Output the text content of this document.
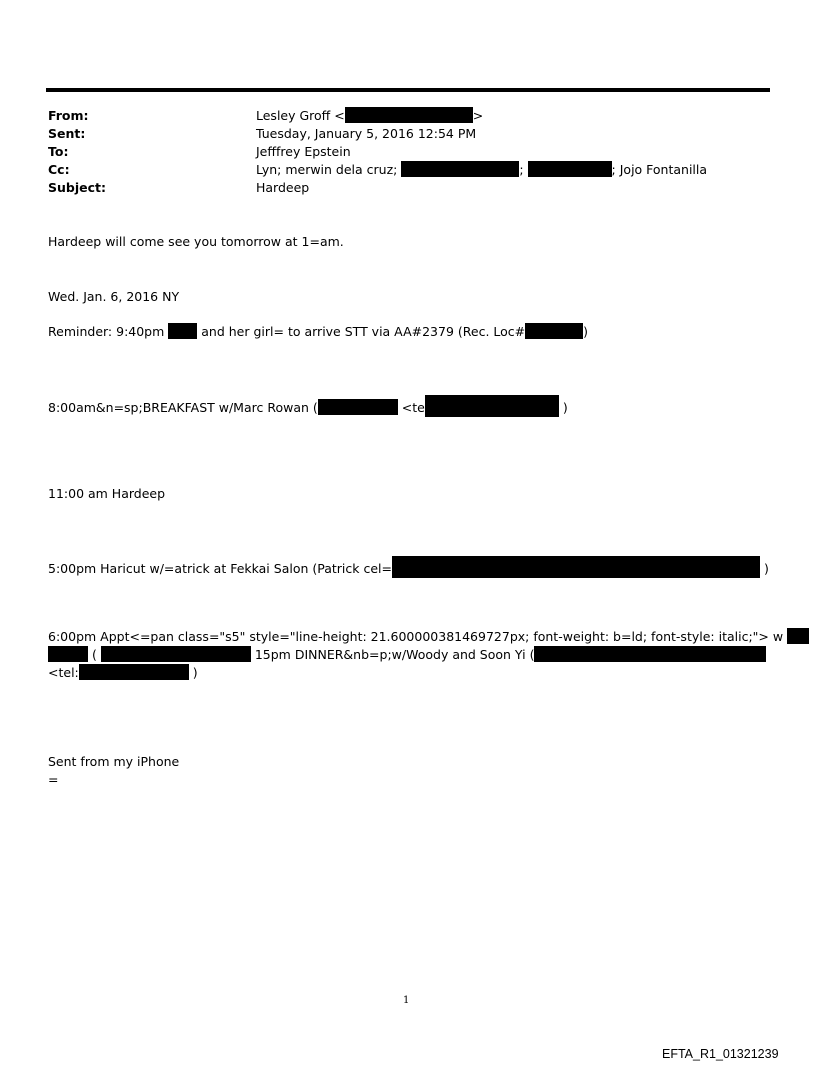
From:	Lesley Groff <	>
Sent:	Tuesday, January 5, 2016 12:54 PM
To:	Jefffrey Epstein
Cc:	Lyn; merwin dela cruz;	;	; Jojo Fontanilla
Subject:	Hardeep
Hardeep will come see you tomorrow at 1=am.
Wed. Jan. 6, 2016 NY
Reminder: 9:40pm	and her girl= to arrive STT via AA#2379 (Rec. Loc#	)
8:00am&n=sp;BREAKFAST w/Marc Rowan (	<te	)
11:00 am Hardeep
5:00pm Haricut w/=atrick at Fekkai Salon (Patrick cel=	)
6:00pm Appt<=pan class="s5" style="line-height: 21.600000381469727px; font-weight: b=ld; font-style: italic;"> w
(	15pm DINNER&nb=p;w/Woody and Soon Yi (
<tel:	)
Sent from my iPhone
=
1
EFTA_R1_01321239
